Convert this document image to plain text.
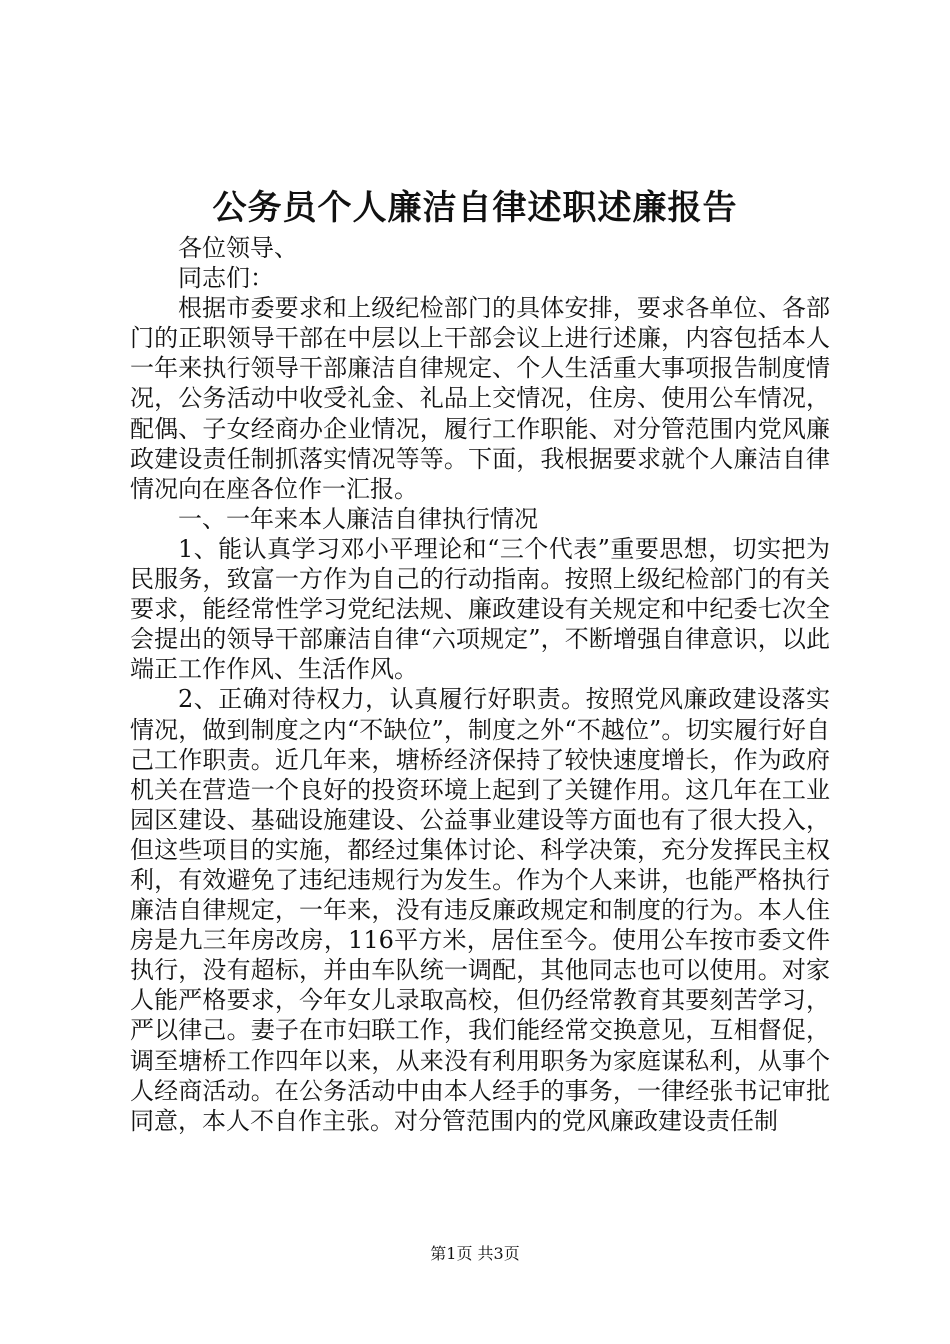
公务员个人廉洁自律述职述廉报告

各位领导、

同志们：

根据市委要求和上级纪检部门的具体安排，要求各单位、各部门的正职领导干部在中层以上干部会议上进行述廉，内容包括本人一年来执行领导干部廉洁自律规定、个人生活重大事项报告制度情况，公务活动中收受礼金、礼品上交情况，住房、使用公车情况，配偶、子女经商办企业情况，履行工作职能、对分管范围内党风廉政建设责任制抓落实情况等等。下面，我根据要求就个人廉洁自律情况向在座各位作一汇报。

一、一年来本人廉洁自律执行情况

1、能认真学习邓小平理论和“三个代表”重要思想，切实把为民服务，致富一方作为自己的行动指南。按照上级纪检部门的有关要求，能经常性学习党纪法规、廉政建设有关规定和中纪委七次全会提出的领导干部廉洁自律“六项规定”，不断增强自律意识，以此端正工作作风、生活作风。

2、正确对待权力，认真履行好职责。按照党风廉政建设落实情况，做到制度之内“不缺位”，制度之外“不越位”。切实履行好自己工作职责。近几年来，塘桥经济保持了较快速度增长，作为政府机关在营造一个良好的投资环境上起到了关键作用。这几年在工业园区建设、基础设施建设、公益事业建设等方面也有了很大投入，但这些项目的实施，都经过集体讨论、科学决策，充分发挥民主权利，有效避免了违纪违规行为发生。作为个人来讲，也能严格执行廉洁自律规定，一年来，没有违反廉政规定和制度的行为。本人住房是九三年房改房，116平方米，居住至今。使用公车按市委文件执行，没有超标，并由车队统一调配，其他同志也可以使用。对家人能严格要求，今年女儿录取高校，但仍经常教育其要刻苦学习，严以律己。妻子在市妇联工作，我们能经常交换意见，互相督促，调至塘桥工作四年以来，从来没有利用职务为家庭谋私利，从事个人经商活动。在公务活动中由本人经手的事务，一律经张书记审批同意，本人不自作主张。对分管范围内的党风廉政建设责任制

第1页 共3页
